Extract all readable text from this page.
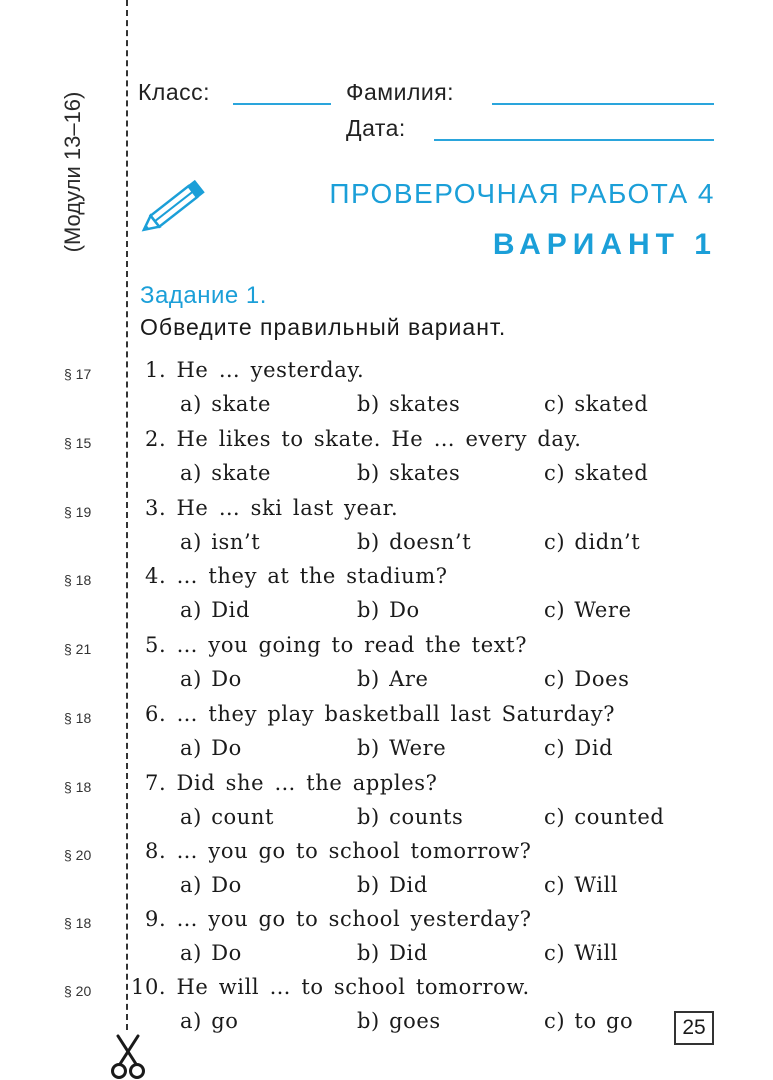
(Модули 13–16) Класс:	Фамилия:
Дата:
ПРОВЕРОЧНАЯ РАБОТА 4
ВАРИАНТ 1
Задание 1.
Обведите правильный вариант.
§ 17	1. He … yesterday.
a) skate	b) skates	c) skated
§ 15	2. He likes to skate. He … every day.
a) skate	b) skates	c) skated
§ 19	3. He … ski last year.
a) isn’t	b) doesn’t	c) didn’t
§ 18	4. … they at the stadium?
a) Did	b) Do	c) Were
§ 21	5. … you going to read the text?
a) Do	b) Are	c) Does
§ 18	6. … they play basketball last Saturday?
a) Do	b) Were	c) Did
§ 18	7. Did she … the apples?
a) count	b) counts	c) counted
§ 20	8. … you go to school tomorrow?
a) Do	b) Did	c) Will
§ 18	9. … you go to school yesterday?
a) Do	b) Did	c) Will
§ 20	10. He will … to school tomorrow.
a) go	b) goes	c) to go	25
